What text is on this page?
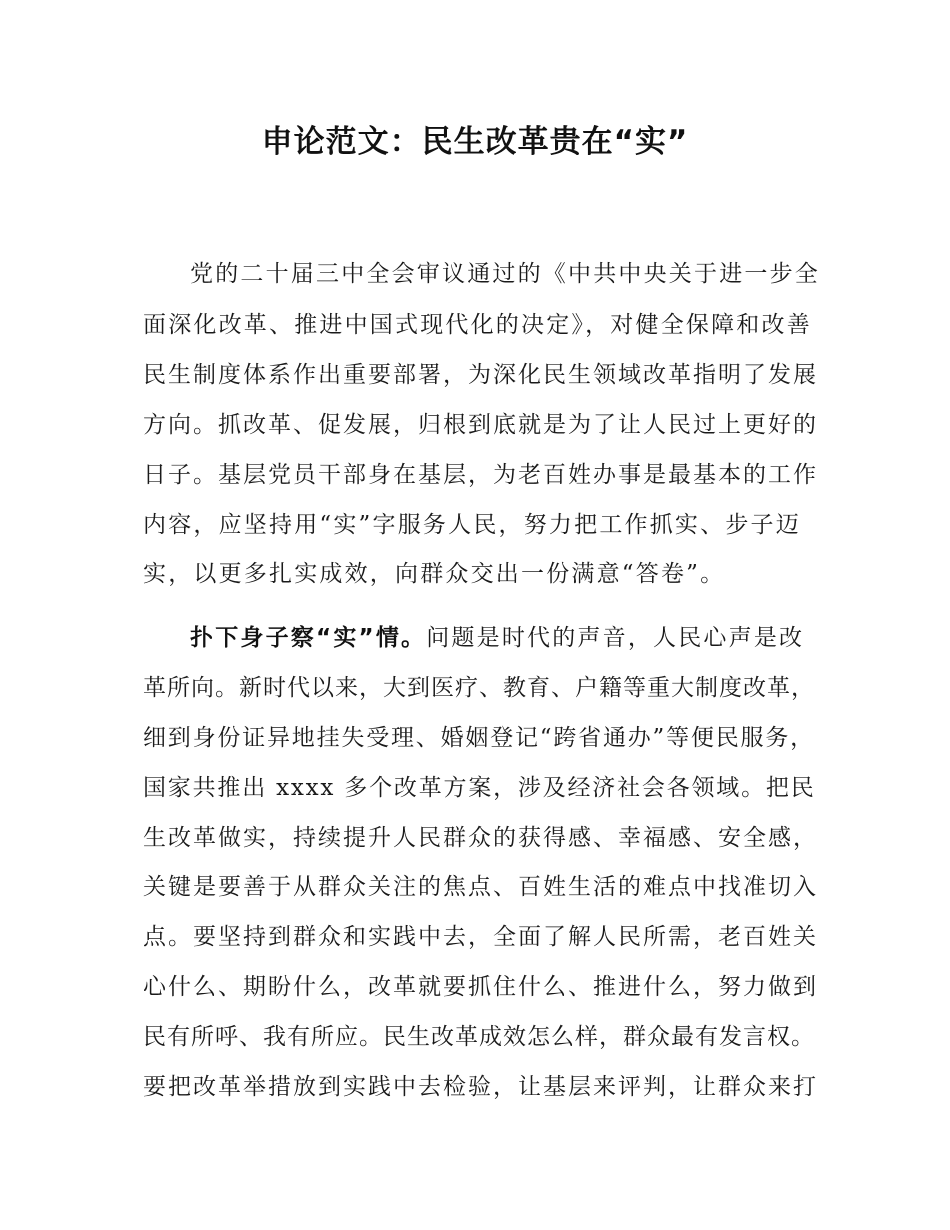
申论范文：民生改革贵在“实”
党的二十届三中全会审议通过的《中共中央关于进一步全
面深化改革、推进中国式现代化的决定》，对健全保障和改善
民生制度体系作出重要部署，为深化民生领域改革指明了发展
方向。抓改革、促发展，归根到底就是为了让人民过上更好的
日子。基层党员干部身在基层，为老百姓办事是最基本的工作
内容，应坚持用“实”字服务人民，努力把工作抓实、步子迈
实，以更多扎实成效，向群众交出一份满意“答卷”。
扑下身子察“实”情。问题是时代的声音，人民心声是改
革所向。新时代以来，大到医疗、教育、户籍等重大制度改革，
细到身份证异地挂失受理、婚姻登记“跨省通办”等便民服务，
国家共推出 xxxx 多个改革方案，涉及经济社会各领域。把民
生改革做实，持续提升人民群众的获得感、幸福感、安全感，
关键是要善于从群众关注的焦点、百姓生活的难点中找准切入
点。要坚持到群众和实践中去，全面了解人民所需，老百姓关
心什么、期盼什么，改革就要抓住什么、推进什么，努力做到
民有所呼、我有所应。民生改革成效怎么样，群众最有发言权。
要把改革举措放到实践中去检验，让基层来评判，让群众来打
